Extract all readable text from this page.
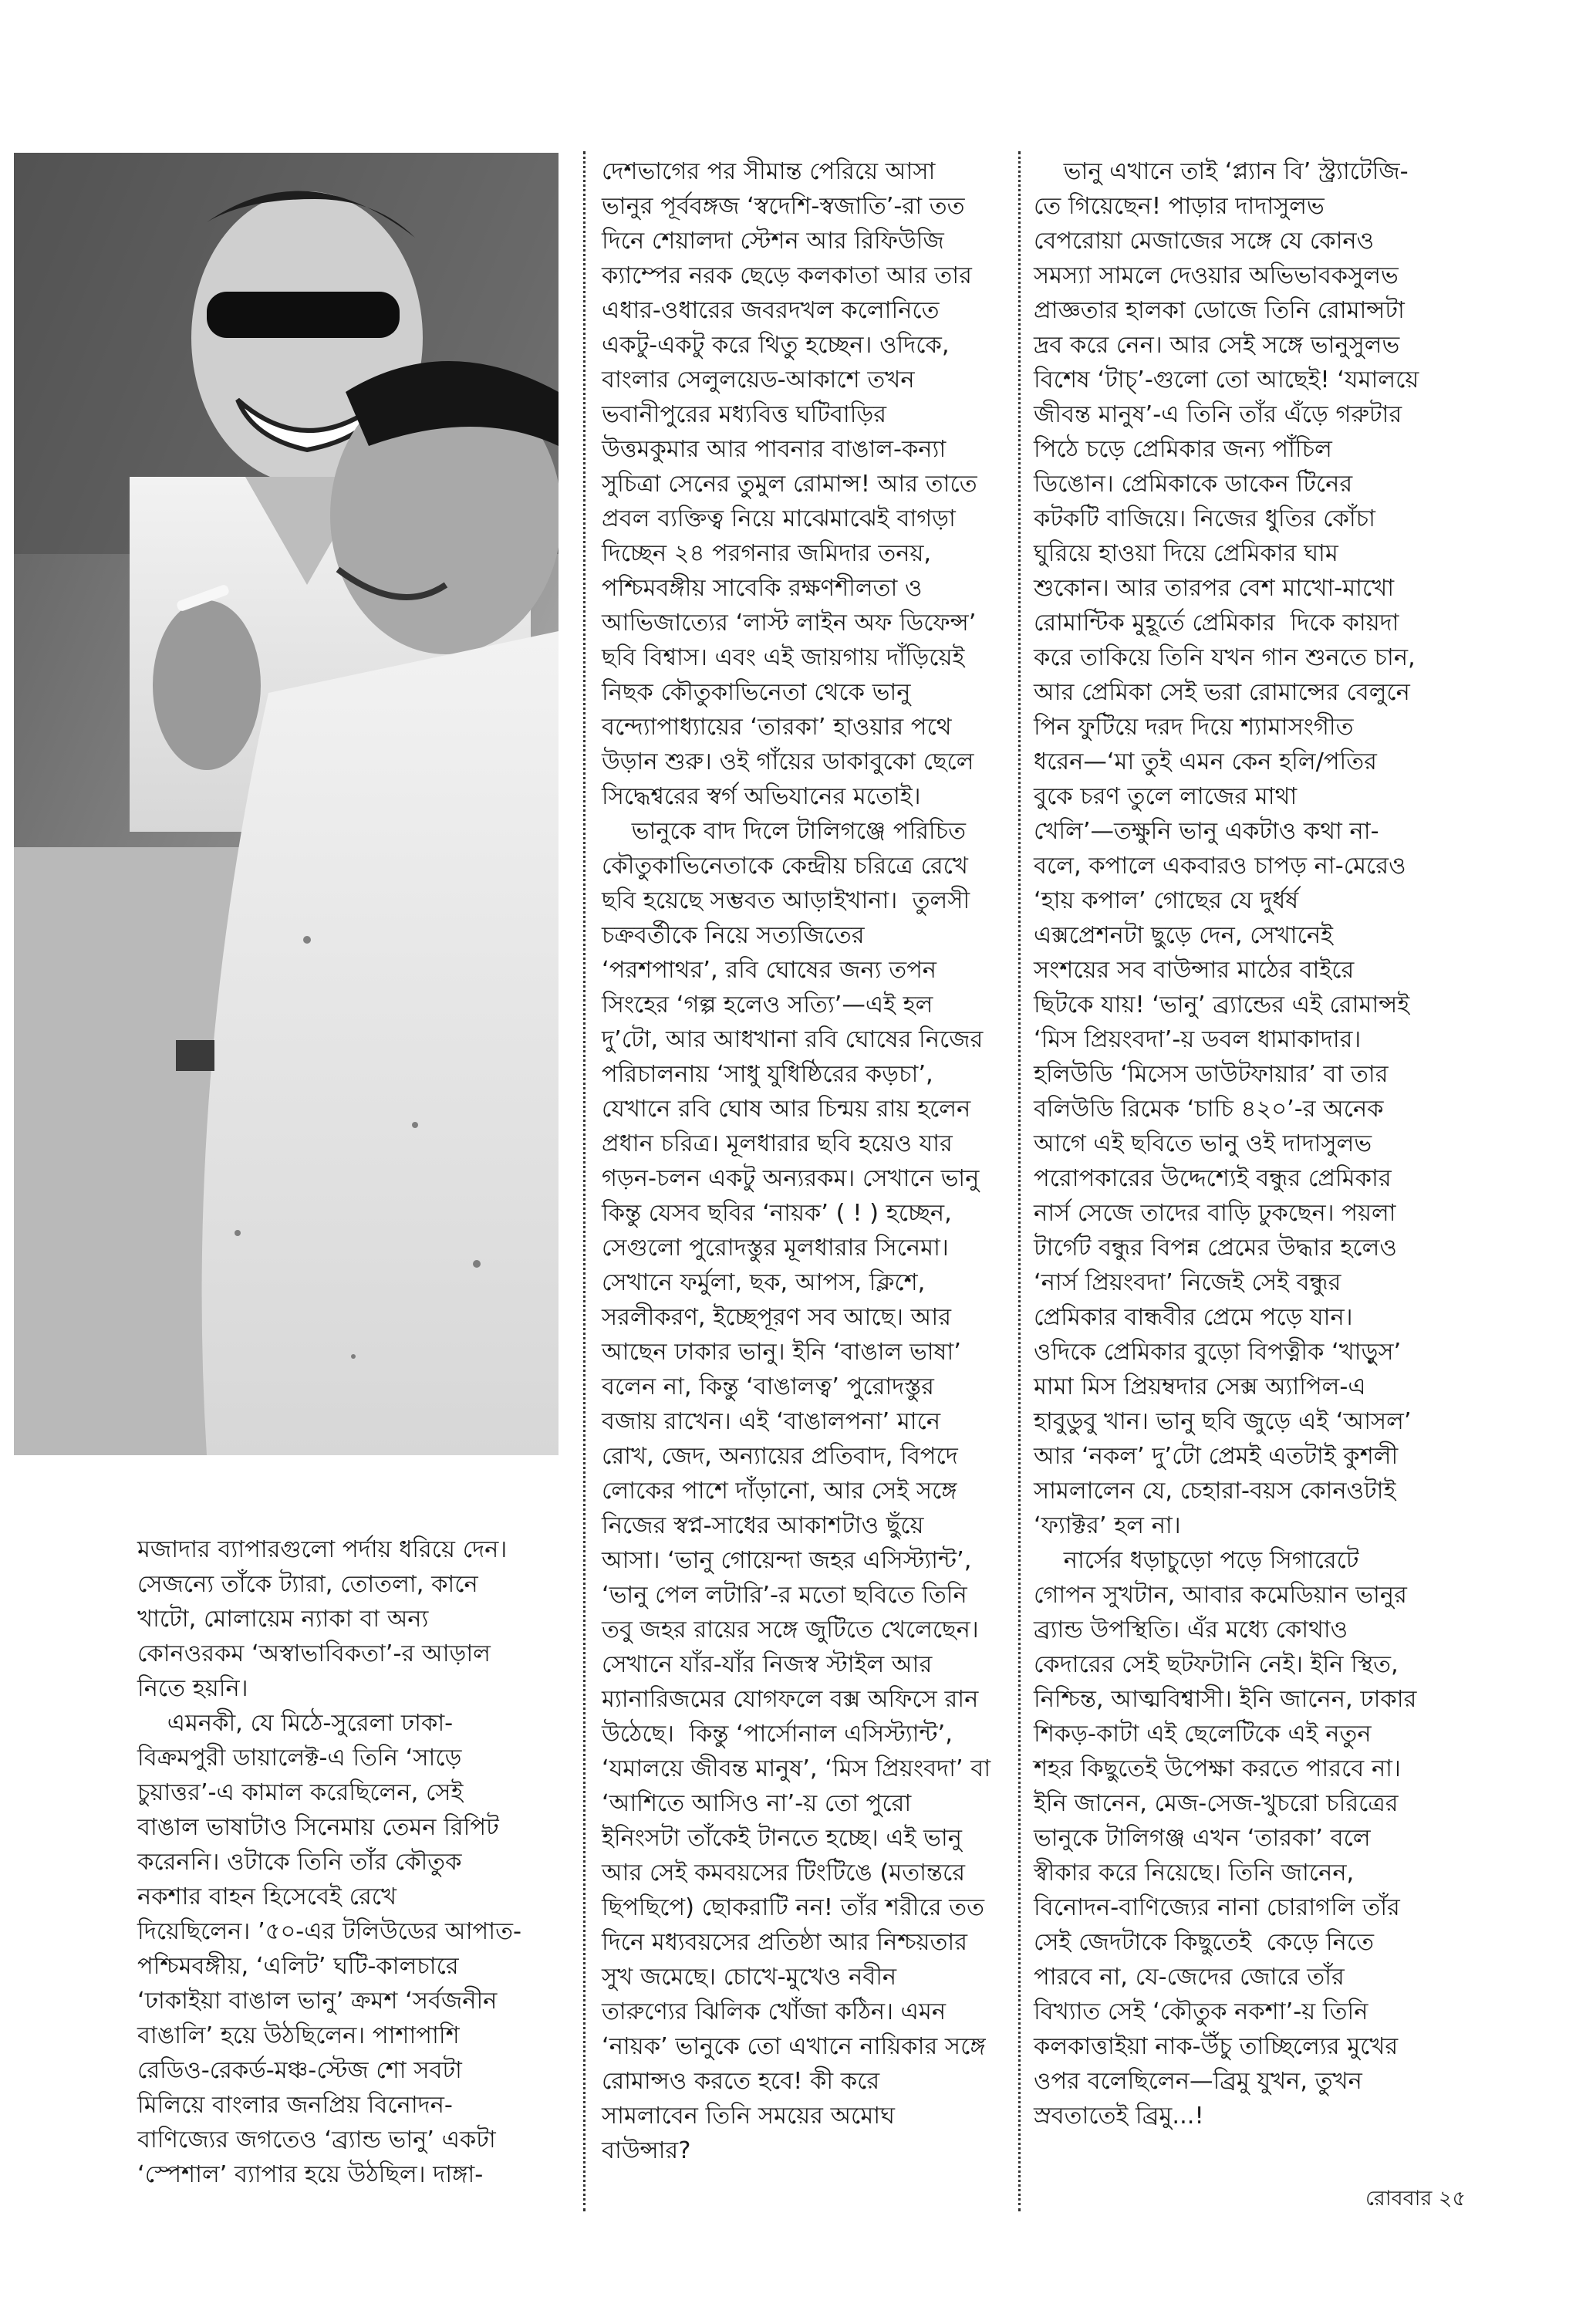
মজাদার ব্যাপারগুলো পর্দায় ধরিয়ে দেন।

সেজন্যে তাঁকে ট্যারা, তোতলা, কানে

খাটো, মোলায়েম ন্যাকা বা অন্য

কোনওরকম ‘অস্বাভাবিকতা’-র আড়াল

নিতে হয়নি।

এমনকী, যে মিঠে-সুরেলা ঢাকা-

বিক্রমপুরী ডায়ালেক্ট-এ তিনি ‘সাড়ে

চুয়াত্তর’-এ কামাল করেছিলেন, সেই

বাঙাল ভাষাটাও সিনেমায় তেমন রিপিট

করেননি। ওটাকে তিনি তাঁর কৌতুক

নকশার বাহন হিসেবেই রেখে

দিয়েছিলেন। ’৫০-এর টলিউডের আপাত-

পশ্চিমবঙ্গীয়, ‘এলিট’ ঘটি-কালচারে

‘ঢাকাইয়া বাঙাল ভানু’ ক্রমশ ‘সর্বজনীন

বাঙালি’ হয়ে উঠছিলেন। পাশাপাশি

রেডিও-রেকর্ড-মঞ্চ-স্টেজ শো সবটা

মিলিয়ে বাংলার জনপ্রিয় বিনোদন-

বাণিজ্যের জগতেও ‘ব্র্যান্ড ভানু’ একটা

‘স্পেশাল’ ব্যাপার হয়ে উঠছিল। দাঙ্গা-

দেশভাগের পর সীমান্ত পেরিয়ে আসা

ভানুর পূর্ববঙ্গজ ‘স্বদেশি-স্বজাতি’-রা তত

দিনে শেয়ালদা স্টেশন আর রিফিউজি

ক্যাম্পের নরক ছেড়ে কলকাতা আর তার

এধার-ওধারের জবরদখল কলোনিতে

একটু-একটু করে থিতু হচ্ছেন। ওদিকে,

বাংলার সেলুলয়েড-আকাশে তখন

ভবানীপুরের মধ্যবিত্ত ঘটিবাড়ির

উত্তমকুমার আর পাবনার বাঙাল-কন্যা

সুচিত্রা সেনের তুমুল রোমান্স! আর তাতে

প্রবল ব্যক্তিত্ব নিয়ে মাঝেমাঝেই বাগড়া

দিচ্ছেন ২৪ পরগনার জমিদার তনয়,

পশ্চিমবঙ্গীয় সাবেকি রক্ষণশীলতা ও

আভিজাত্যের ‘লাস্ট লাইন অফ ডিফেন্স’

ছবি বিশ্বাস। এবং এই জায়গায় দাঁড়িয়েই

নিছক কৌতুকাভিনেতা থেকে ভানু

বন্দ্যোপাধ্যায়ের ‘তারকা’ হাওয়ার পথে

উড়ান শুরু। ওই গাঁয়ের ডাকাবুকো ছেলে

সিদ্ধেশ্বরের স্বর্গ অভিযানের মতোই।

ভানুকে বাদ দিলে টালিগঞ্জে পরিচিত

কৌতুকাভিনেতাকে কেন্দ্রীয় চরিত্রে রেখে

ছবি হয়েছে সম্ভবত আড়াইখানা।  তুলসী

চক্রবর্তীকে নিয়ে সত্যজিতের

‘পরশপাথর’, রবি ঘোষের জন্য তপন

সিংহের ‘গল্প হলেও সত্যি’—এই হল

দু’টো, আর আধখানা রবি ঘোষের নিজের

পরিচালনায় ‘সাধু যুধিষ্ঠিরের কড়চা’,

যেখানে রবি ঘোষ আর চিন্ময় রায় হলেন

প্রধান চরিত্র। মূলধারার ছবি হয়েও যার

গড়ন-চলন একটু অন্যরকম। সেখানে ভানু

কিন্তু যেসব ছবির ‘নায়ক’ ( ! ) হচ্ছেন,

সেগুলো পুরোদস্তুর মূলধারার সিনেমা।

সেখানে ফর্মুলা, ছক, আপস, ক্লিশে,

সরলীকরণ, ইচ্ছেপূরণ সব আছে। আর

আছেন ঢাকার ভানু। ইনি ‘বাঙাল ভাষা’

বলেন না, কিন্তু ‘বাঙালত্ব’ পুরোদস্তুর

বজায় রাখেন। এই ‘বাঙালপনা’ মানে

রোখ, জেদ, অন্যায়ের প্রতিবাদ, বিপদে

লোকের পাশে দাঁড়ানো, আর সেই সঙ্গে

নিজের স্বপ্ন-সাধের আকাশটাও ছুঁয়ে

আসা। ‘ভানু গোয়েন্দা জহর এসিস্ট্যান্ট’,

‘ভানু পেল লটারি’-র মতো ছবিতে তিনি

তবু জহর রায়ের সঙ্গে জুটিতে খেলেছেন।

সেখানে যাঁর-যাঁর নিজস্ব স্টাইল আর

ম্যানারিজমের যোগফলে বক্স অফিসে রান

উঠেছে।  কিন্তু ‘পার্সোনাল এসিস্ট্যান্ট’,

‘যমালয়ে জীবন্ত মানুষ’, ‘মিস প্রিয়ংবদা’ বা

‘আশিতে আসিও না’-য় তো পুরো

ইনিংসটা তাঁকেই টানতে হচ্ছে। এই ভানু

আর সেই কমবয়সের টিংটিঙে (মতান্তরে

ছিপছিপে) ছোকরাটি নন! তাঁর শরীরে তত

দিনে মধ্যবয়সের প্রতিষ্ঠা আর নিশ্চয়তার

সুখ জমেছে। চোখে-মুখেও নবীন

তারুণ্যের ঝিলিক খোঁজা কঠিন। এমন

‘নায়ক’ ভানুকে তো এখানে নায়িকার সঙ্গে

রোমান্সও করতে হবে! কী করে

সামলাবেন তিনি সময়ের অমোঘ

বাউন্সার?

ভানু এখানে তাই ‘প্ল্যান বি’ স্ট্র্যাটেজি-

তে গিয়েছেন! পাড়ার দাদাসুলভ

বেপরোয়া মেজাজের সঙ্গে যে কোনও

সমস্যা সামলে দেওয়ার অভিভাবকসুলভ

প্রাজ্ঞতার হালকা ডোজে তিনি রোমান্সটা

দ্রব করে নেন। আর সেই সঙ্গে ভানুসুলভ

বিশেষ ‘টাচ্’-গুলো তো আছেই! ‘যমালয়ে

জীবন্ত মানুষ’-এ তিনি তাঁর এঁড়ে গরুটার

পিঠে চড়ে প্রেমিকার জন্য পাঁচিল

ডিঙোন। প্রেমিকাকে ডাকেন টিনের

কটকটি বাজিয়ে। নিজের ধুতির কোঁচা

ঘুরিয়ে হাওয়া দিয়ে প্রেমিকার ঘাম

শুকোন। আর তারপর বেশ মাখো-মাখো

রোমান্টিক মুহূর্তে প্রেমিকার  দিকে কায়দা

করে তাকিয়ে তিনি যখন গান শুনতে চান,

আর প্রেমিকা সেই ভরা রোমান্সের বেলুনে

পিন ফুটিয়ে দরদ দিয়ে শ্যামাসংগীত

ধরেন—‘মা তুই এমন কেন হলি/পতির

বুকে চরণ তুলে লাজের মাথা

খেলি’—তক্ষুনি ভানু একটাও কথা না-

বলে, কপালে একবারও চাপড় না-মেরেও

‘হায় কপাল’ গোছের যে দুর্ধর্ষ

এক্সপ্রেশনটা ছুড়ে দেন, সেখানেই

সংশয়ের সব বাউন্সার মাঠের বাইরে

ছিটকে যায়! ‘ভানু’ ব্র্যান্ডের এই রোমান্সই

‘মিস প্রিয়ংবদা’-য় ডবল ধামাকাদার।

হলিউডি ‘মিসেস ডাউটফায়ার’ বা তার

বলিউডি রিমেক ‘চাচি ৪২০’-র অনেক

আগে এই ছবিতে ভানু ওই দাদাসুলভ

পরোপকারের উদ্দেশ্যেই বন্ধুর প্রেমিকার

নার্স সেজে তাদের বাড়ি ঢুকছেন। পয়লা

টার্গেট বন্ধুর বিপন্ন প্রেমের উদ্ধার হলেও

‘নার্স প্রিয়ংবদা’ নিজেই সেই বন্ধুর

প্রেমিকার বান্ধবীর প্রেমে পড়ে যান।

ওদিকে প্রেমিকার বুড়ো বিপত্নীক ‘খাড়ুস’

মামা মিস প্রিয়ম্বদার সেক্স অ্যাপিল-এ

হাবুডুবু খান। ভানু ছবি জুড়ে এই ‘আসল’

আর ‘নকল’ দু’টো প্রেমই এতটাই কুশলী

সামলালেন যে, চেহারা-বয়স কোনওটাই

‘ফ্যাক্টর’ হল না।

নার্সের ধড়াচুড়ো পড়ে সিগারেটে

গোপন সুখটান, আবার কমেডিয়ান ভানুর

ব্র্যান্ড উপস্থিতি। এঁর মধ্যে কোথাও

কেদারের সেই ছটফটানি নেই। ইনি স্থিত,

নিশ্চিন্ত, আত্মবিশ্বাসী। ইনি জানেন, ঢাকার

শিকড়-কাটা এই ছেলেটিকে এই নতুন

শহর কিছুতেই উপেক্ষা করতে পারবে না।

ইনি জানেন, মেজ-সেজ-খুচরো চরিত্রের

ভানুকে টালিগঞ্জ এখন ‘তারকা’ বলে

স্বীকার করে নিয়েছে। তিনি জানেন,

বিনোদন-বাণিজ্যের নানা চোরাগলি তাঁর

সেই জেদটাকে কিছুতেই  কেড়ে নিতে

পারবে না, যে-জেদের জোরে তাঁর

বিখ্যাত সেই ‘কৌতুক নকশা’-য় তিনি

কলকাত্তাইয়া নাক-উঁচু তাচ্ছিল্যের মুখের

ওপর বলেছিলেন—ব্রিমু যুখন, তুখন

স্রবতাতেই ব্রিমু...!

রোববার ২৫
